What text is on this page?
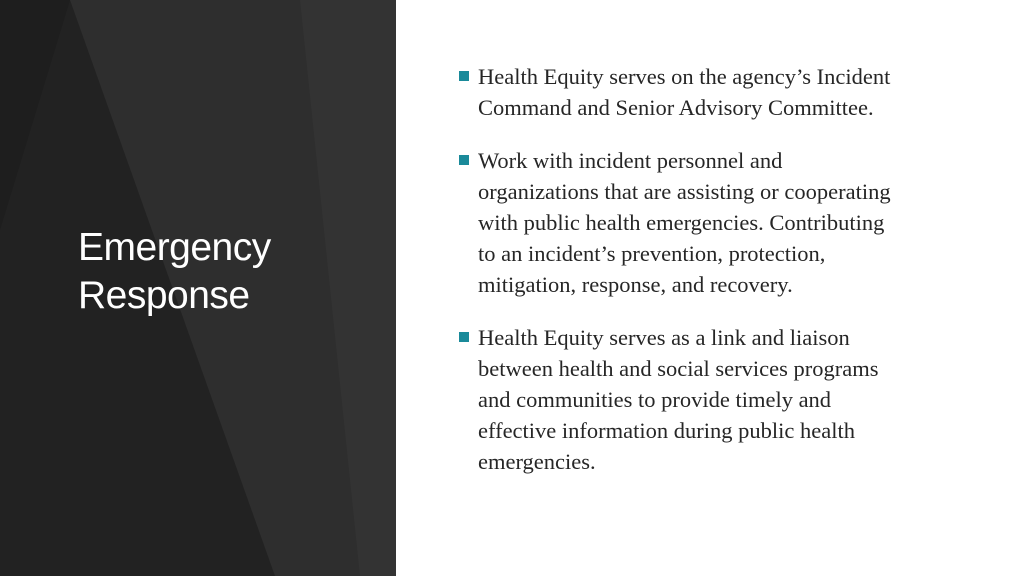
Emergency
Response
Health Equity serves on the agency’s Incident
Command and Senior Advisory Committee.
Work with incident personnel and
organizations that are assisting or cooperating
with public health emergencies. Contributing
to an incident’s prevention, protection,
mitigation, response, and recovery.
Health Equity serves as a link and liaison
between health and social services programs
and communities to provide timely and
effective information during public health
emergencies.
